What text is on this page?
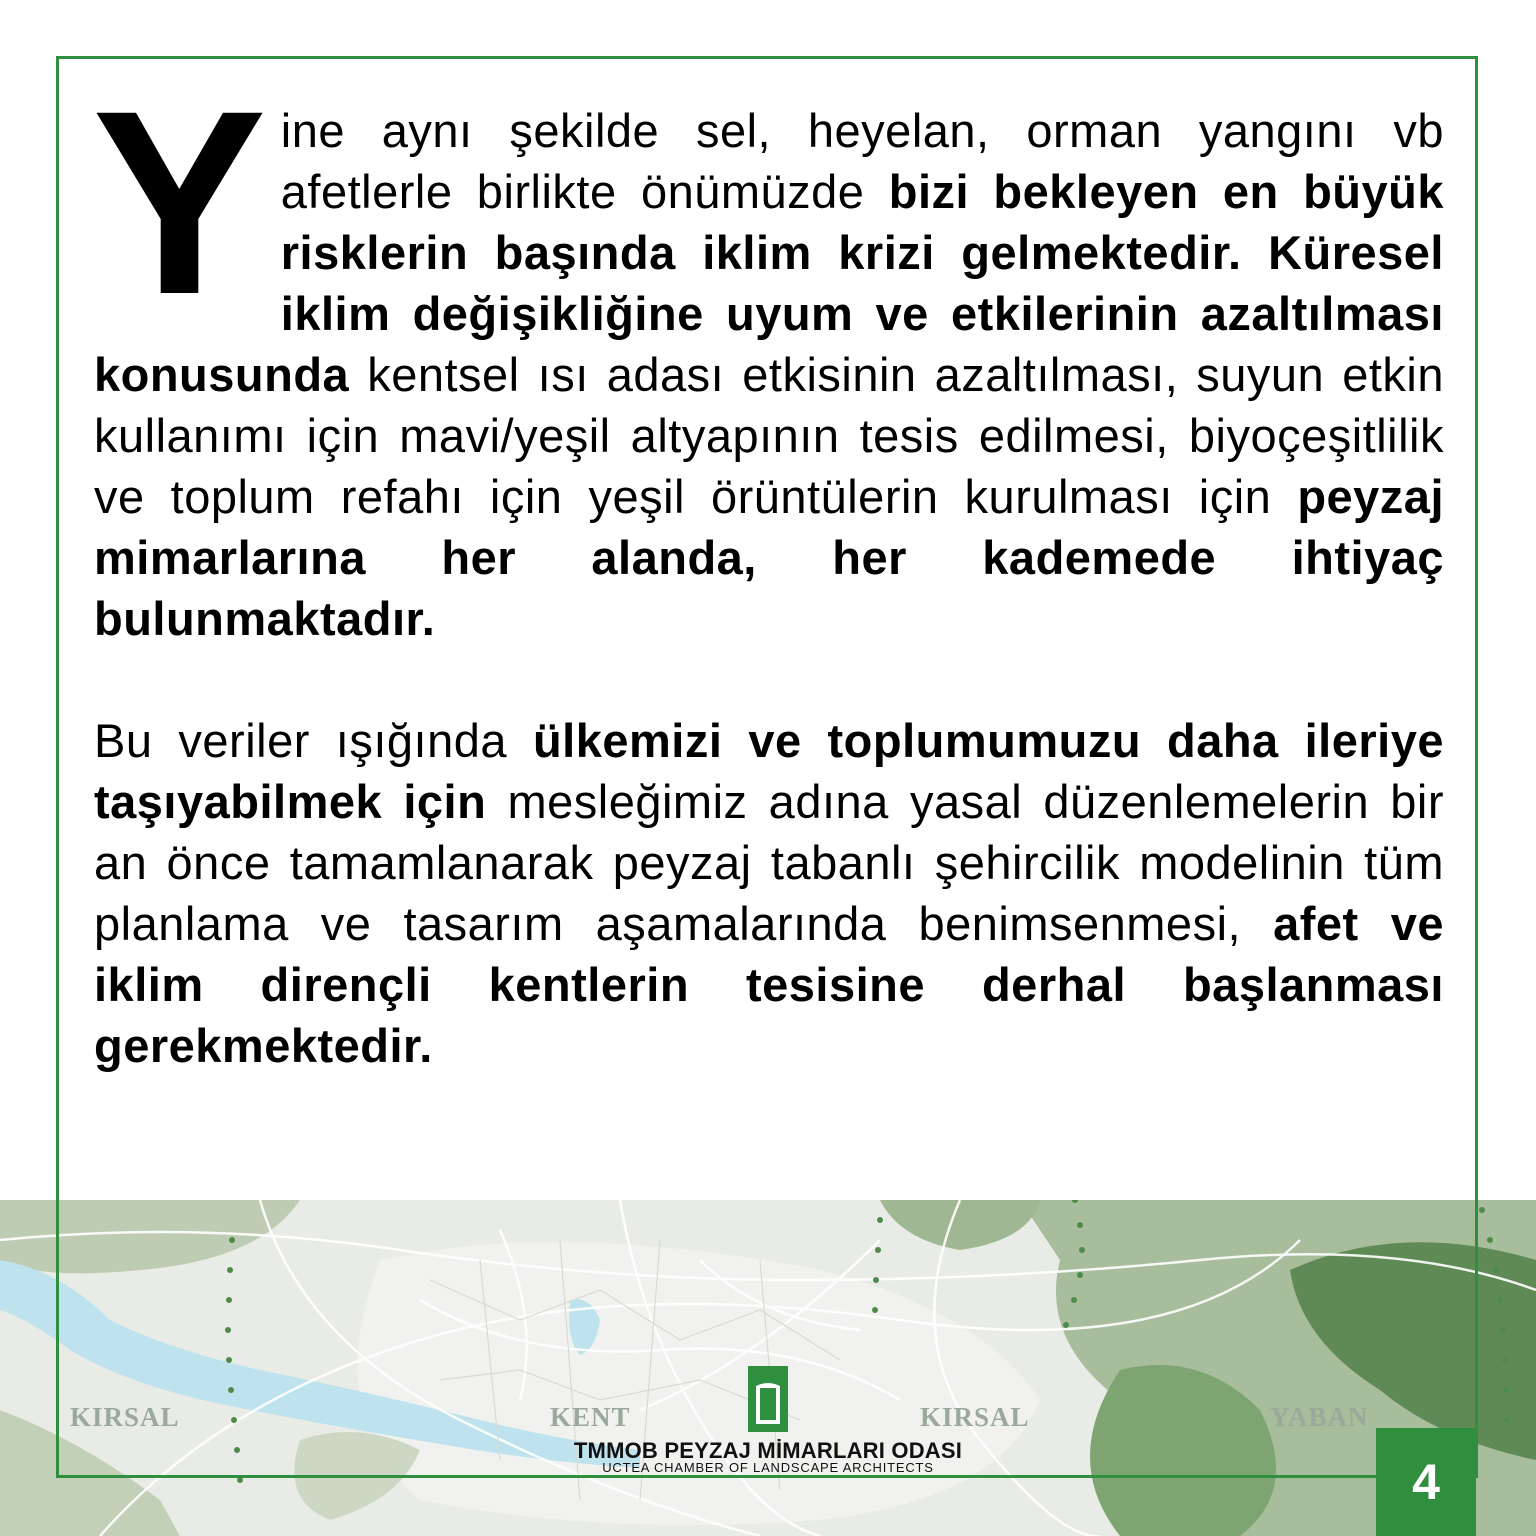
Yine aynı şekilde sel, heyelan, orman yangını vb afetlerle birlikte önümüzde bizi bekleyen en büyük risklerin başında iklim krizi gelmektedir. Küresel iklim değişikliğine uyum ve etkilerinin azaltılması konusunda kentsel ısı adası etkisinin azaltılması, suyun etkin kullanımı için mavi/yeşil altyapının tesis edilmesi, biyoçeşitlilik ve toplum refahı için yeşil örüntülerin kurulması için peyzaj mimarlarına her alanda, her kademede ihtiyaç bulunmaktadır.

Bu veriler ışığında ülkemizi ve toplumumuzu daha ileriye taşıyabilmek için mesleğimiz adına yasal düzenlemelerin bir an önce tamamlanarak peyzaj tabanlı şehircilik modelinin tüm planlama ve tasarım aşamalarında benimsenmesi, afet ve iklim dirençli kentlerin tesisine derhal başlanması gerekmektedir.

KIRSAL	KENT	KIRSAL	YABAN
TMMOB PEYZAJ MİMARLARI ODASI
UCTEA CHAMBER OF LANDSCAPE ARCHITECTS	4
